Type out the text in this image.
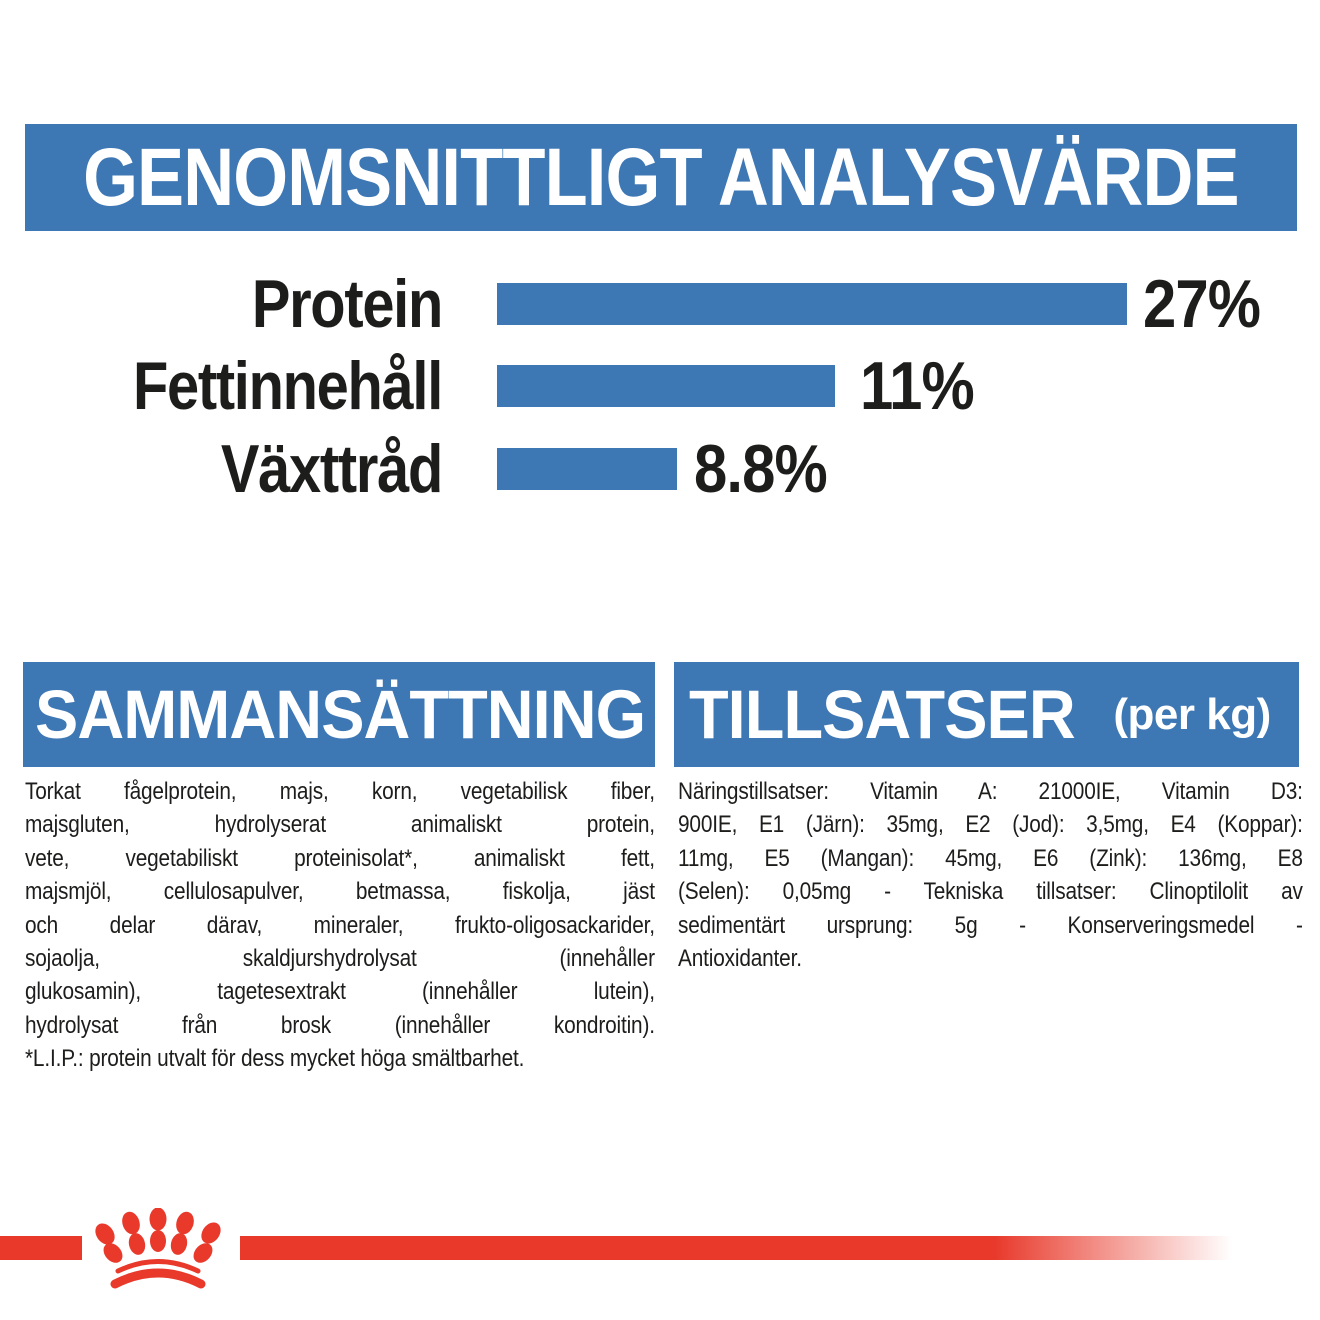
GENOMSNITTLIGT ANALYSVÄRDE
Protein	27%
Fettinnehåll	11%
Växttråd	8.8%
SAMMANSÄTTNING
Torkat fågelprotein, majs, korn, vegetabilisk fiber,
majsgluten, hydrolyserat animaliskt protein,
vete, vegetabiliskt proteinisolat*, animaliskt fett,
majsmjöl, cellulosapulver, betmassa, fiskolja, jäst
och delar därav, mineraler, frukto-oligosackarider,
sojaolja, skaldjurshydrolysat (innehåller
glukosamin), tagetesextrakt (innehåller lutein),
hydrolysat från brosk (innehåller kondroitin).
*L.I.P.: protein utvalt för dess mycket höga smältbarhet.
TILLSATSER (per kg)
Näringstillsatser: Vitamin A: 21000IE, Vitamin D3:
900IE, E1 (Järn): 35mg, E2 (Jod): 3,5mg, E4 (Koppar):
11mg, E5 (Mangan): 45mg, E6 (Zink): 136mg, E8
(Selen): 0,05mg - Tekniska tillsatser: Clinoptilolit av
sedimentärt ursprung: 5g - Konserveringsmedel -
Antioxidanter.
